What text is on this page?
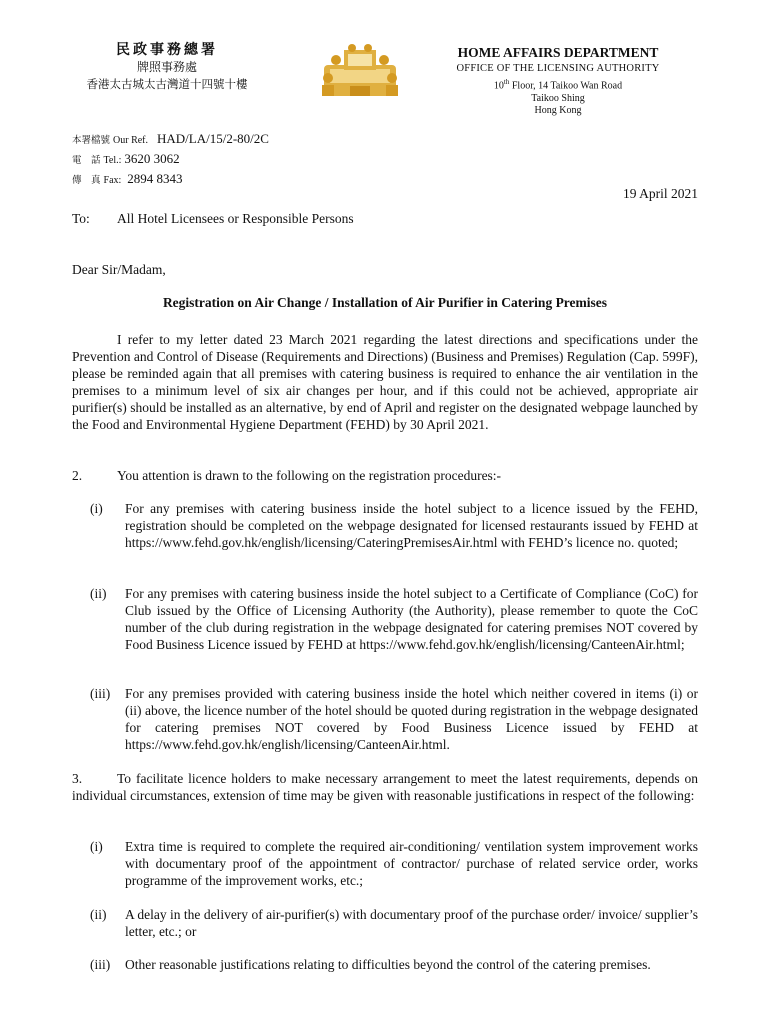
民政事務總署
牌照事務處
香港太古城太古灣道十四號十樓
HOME AFFAIRS DEPARTMENT
OFFICE OF THE LICENSING AUTHORITY
10th Floor, 14 Taikoo Wan Road
Taikoo Shing
Hong Kong
本署檔號 Our Ref. HAD/LA/15/2-80/2C
電　話 Tel.: 3620 3062
傳　真 Fax: 2894 8343
19 April 2021
To: All Hotel Licensees or Responsible Persons
Dear Sir/Madam,
Registration on Air Change / Installation of Air Purifier in Catering Premises
I refer to my letter dated 23 March 2021 regarding the latest directions and specifications under the Prevention and Control of Disease (Requirements and Directions) (Business and Premises) Regulation (Cap. 599F), please be reminded again that all premises with catering business is required to enhance the air ventilation in the premises to a minimum level of six air changes per hour, and if this could not be achieved, appropriate air purifier(s) should be installed as an alternative, by end of April and register on the designated webpage launched by the Food and Environmental Hygiene Department (FEHD) by 30 April 2021.
2.	You attention is drawn to the following on the registration procedures:-
(i) For any premises with catering business inside the hotel subject to a licence issued by the FEHD, registration should be completed on the webpage designated for licensed restaurants issued by FEHD at https://www.fehd.gov.hk/english/licensing/CateringPremisesAir.html with FEHD’s licence no. quoted;
(ii) For any premises with catering business inside the hotel subject to a Certificate of Compliance (CoC) for Club issued by the Office of Licensing Authority (the Authority), please remember to quote the CoC number of the club during registration in the webpage designated for catering premises NOT covered by Food Business Licence issued by FEHD at https://www.fehd.gov.hk/english/licensing/CanteenAir.html;
(iii) For any premises provided with catering business inside the hotel which neither covered in items (i) or (ii) above, the licence number of the hotel should be quoted during registration in the webpage designated for catering premises NOT covered by Food Business Licence issued by FEHD at https://www.fehd.gov.hk/english/licensing/CanteenAir.html.
3.	To facilitate licence holders to make necessary arrangement to meet the latest requirements, depends on individual circumstances, extension of time may be given with reasonable justifications in respect of the following:
(i) Extra time is required to complete the required air-conditioning/ ventilation system improvement works with documentary proof of the appointment of contractor/ purchase of related service order, works programme of the improvement works, etc.;
(ii) A delay in the delivery of air-purifier(s) with documentary proof of the purchase order/ invoice/ supplier’s letter, etc.; or
(iii) Other reasonable justifications relating to difficulties beyond the control of the catering premises.
